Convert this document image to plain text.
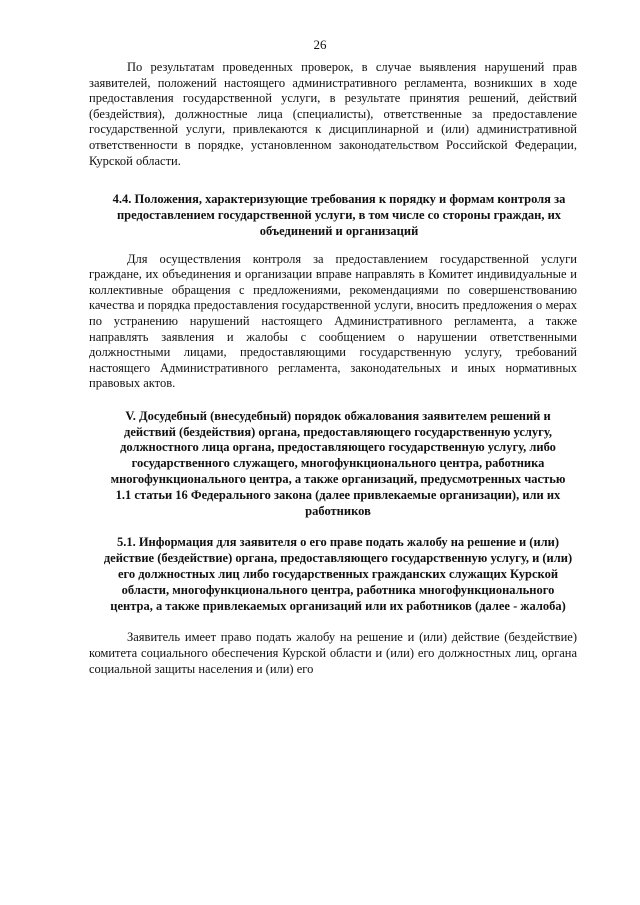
26

По результатам проведенных проверок, в случае выявления нарушений прав заявителей, положений настоящего административного регламента, возникших в ходе предоставления государственной услуги, в результате принятия решений, действий (бездействия), должностные лица (специалисты), ответственные за предоставление государственной услуги, привлекаются к дисциплинарной и (или) административной ответственности в порядке, установленном законодательством Российской Федерации, Курской области.

4.4. Положения, характеризующие требования к порядку и формам контроля за предоставлением государственной услуги, в том числе со стороны граждан, их объединений и организаций

Для осуществления контроля за предоставлением государственной услуги граждане, их объединения и организации вправе направлять в Комитет индивидуальные и коллективные обращения с предложениями, рекомендациями по совершенствованию качества и порядка предоставления государственной услуги, вносить предложения о мерах по устранению нарушений настоящего Административного регламента, а также направлять заявления и жалобы с сообщением о нарушении ответственными должностными лицами, предоставляющими государственную услугу, требований настоящего Административного регламента, законодательных и иных нормативных правовых актов.

V. Досудебный (внесудебный) порядок обжалования заявителем решений и действий (бездействия) органа, предоставляющего государственную услугу, должностного лица органа, предоставляющего государственную услугу, либо государственного служащего, многофункционального центра, работника многофункционального центра, а также организаций, предусмотренных частью 1.1 статьи 16 Федерального закона (далее привлекаемые организации), или их работников

5.1. Информация для заявителя о его праве подать жалобу на решение и (или) действие (бездействие) органа, предоставляющего государственную услугу, и (или) его должностных лиц либо государственных гражданских служащих Курской области, многофункционального центра, работника многофункционального центра, а также привлекаемых организаций или их работников (далее - жалоба)

Заявитель имеет право подать жалобу на решение и (или) действие (бездействие) комитета социального обеспечения Курской области и (или) его должностных лиц, органа социальной защиты населения и (или) его
